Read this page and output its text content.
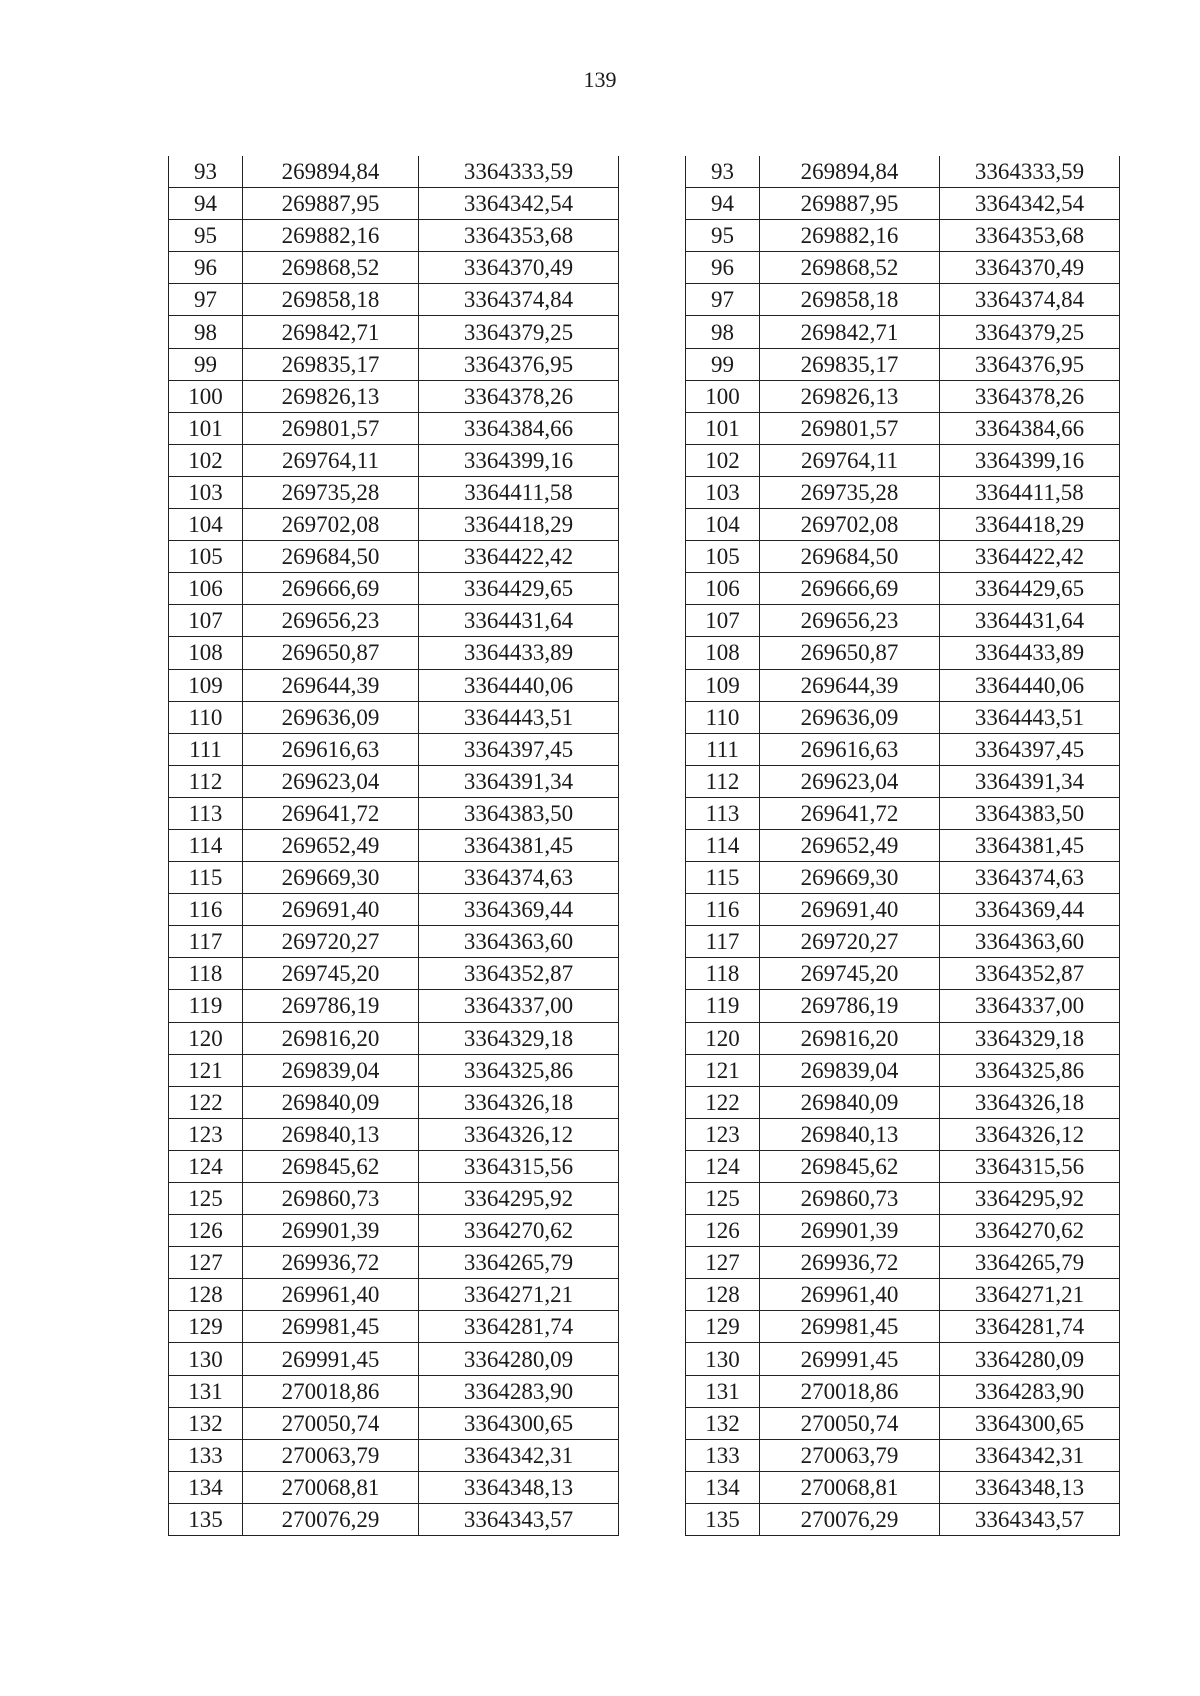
139
93	269894,84	3364333,59
94	269887,95	3364342,54
95	269882,16	3364353,68
96	269868,52	3364370,49
97	269858,18	3364374,84
98	269842,71	3364379,25
99	269835,17	3364376,95
100	269826,13	3364378,26
101	269801,57	3364384,66
102	269764,11	3364399,16
103	269735,28	3364411,58
104	269702,08	3364418,29
105	269684,50	3364422,42
106	269666,69	3364429,65
107	269656,23	3364431,64
108	269650,87	3364433,89
109	269644,39	3364440,06
110	269636,09	3364443,51
111	269616,63	3364397,45
112	269623,04	3364391,34
113	269641,72	3364383,50
114	269652,49	3364381,45
115	269669,30	3364374,63
116	269691,40	3364369,44
117	269720,27	3364363,60
118	269745,20	3364352,87
119	269786,19	3364337,00
120	269816,20	3364329,18
121	269839,04	3364325,86
122	269840,09	3364326,18
123	269840,13	3364326,12
124	269845,62	3364315,56
125	269860,73	3364295,92
126	269901,39	3364270,62
127	269936,72	3364265,79
128	269961,40	3364271,21
129	269981,45	3364281,74
130	269991,45	3364280,09
131	270018,86	3364283,90
132	270050,74	3364300,65
133	270063,79	3364342,31
134	270068,81	3364348,13
135	270076,29	3364343,57
93	269894,84	3364333,59
94	269887,95	3364342,54
95	269882,16	3364353,68
96	269868,52	3364370,49
97	269858,18	3364374,84
98	269842,71	3364379,25
99	269835,17	3364376,95
100	269826,13	3364378,26
101	269801,57	3364384,66
102	269764,11	3364399,16
103	269735,28	3364411,58
104	269702,08	3364418,29
105	269684,50	3364422,42
106	269666,69	3364429,65
107	269656,23	3364431,64
108	269650,87	3364433,89
109	269644,39	3364440,06
110	269636,09	3364443,51
111	269616,63	3364397,45
112	269623,04	3364391,34
113	269641,72	3364383,50
114	269652,49	3364381,45
115	269669,30	3364374,63
116	269691,40	3364369,44
117	269720,27	3364363,60
118	269745,20	3364352,87
119	269786,19	3364337,00
120	269816,20	3364329,18
121	269839,04	3364325,86
122	269840,09	3364326,18
123	269840,13	3364326,12
124	269845,62	3364315,56
125	269860,73	3364295,92
126	269901,39	3364270,62
127	269936,72	3364265,79
128	269961,40	3364271,21
129	269981,45	3364281,74
130	269991,45	3364280,09
131	270018,86	3364283,90
132	270050,74	3364300,65
133	270063,79	3364342,31
134	270068,81	3364348,13
135	270076,29	3364343,57
